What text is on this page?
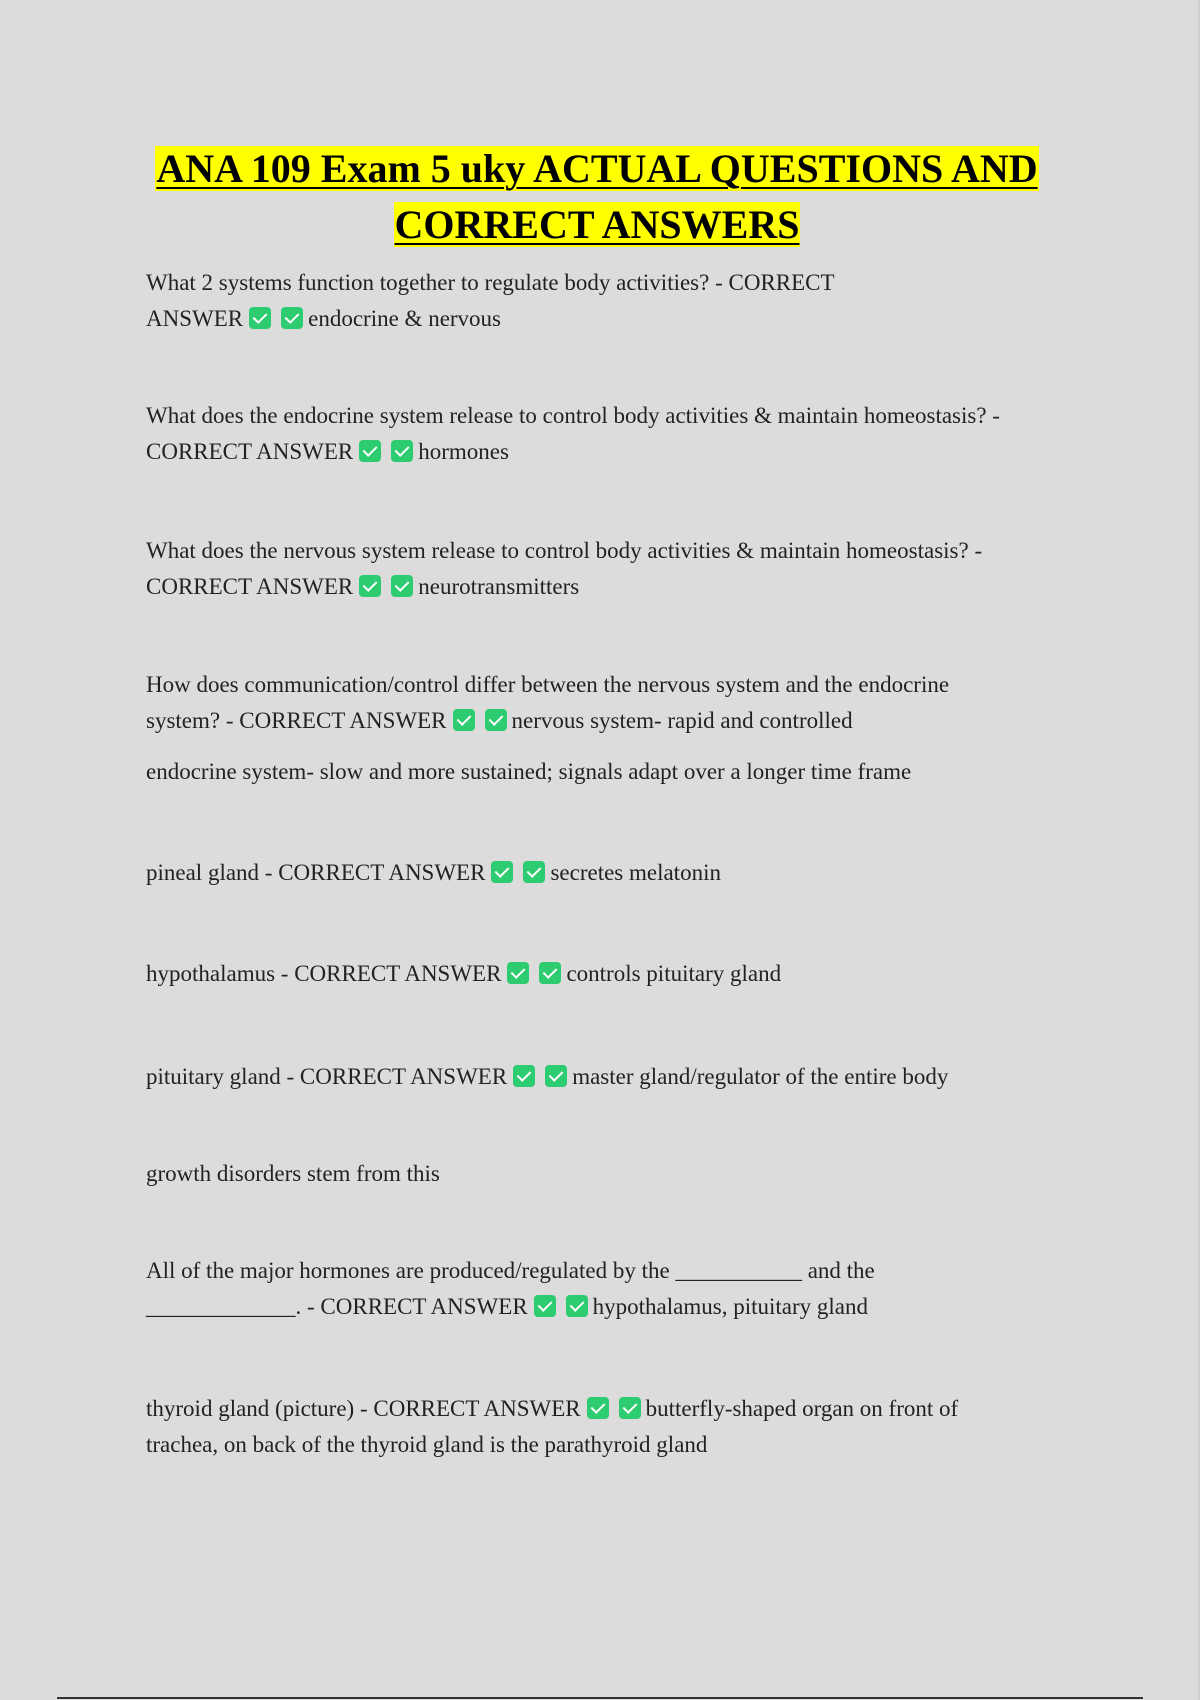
ANA 109 Exam 5 uky ACTUAL QUESTIONS AND
CORRECT ANSWERS

What 2 systems function together to regulate body activities? - CORRECT
ANSWER	endocrine & nervous

What does the endocrine system release to control body activities & maintain homeostasis? -
CORRECT ANSWER	hormones

What does the nervous system release to control body activities & maintain homeostasis? -
CORRECT ANSWER	neurotransmitters

How does communication/control differ between the nervous system and the endocrine
system? - CORRECT ANSWER	nervous system- rapid and controlled

endocrine system- slow and more sustained; signals adapt over a longer time frame

pineal gland - CORRECT ANSWER	secretes melatonin

hypothalamus - CORRECT ANSWER	controls pituitary gland

pituitary gland - CORRECT ANSWER	master gland/regulator of the entire body

growth disorders stem from this

All of the major hormones are produced/regulated by the ___________ and the
_____________. - CORRECT ANSWER	hypothalamus, pituitary gland

thyroid gland (picture) - CORRECT ANSWER	butterfly-shaped organ on front of
trachea, on back of the thyroid gland is the parathyroid gland
